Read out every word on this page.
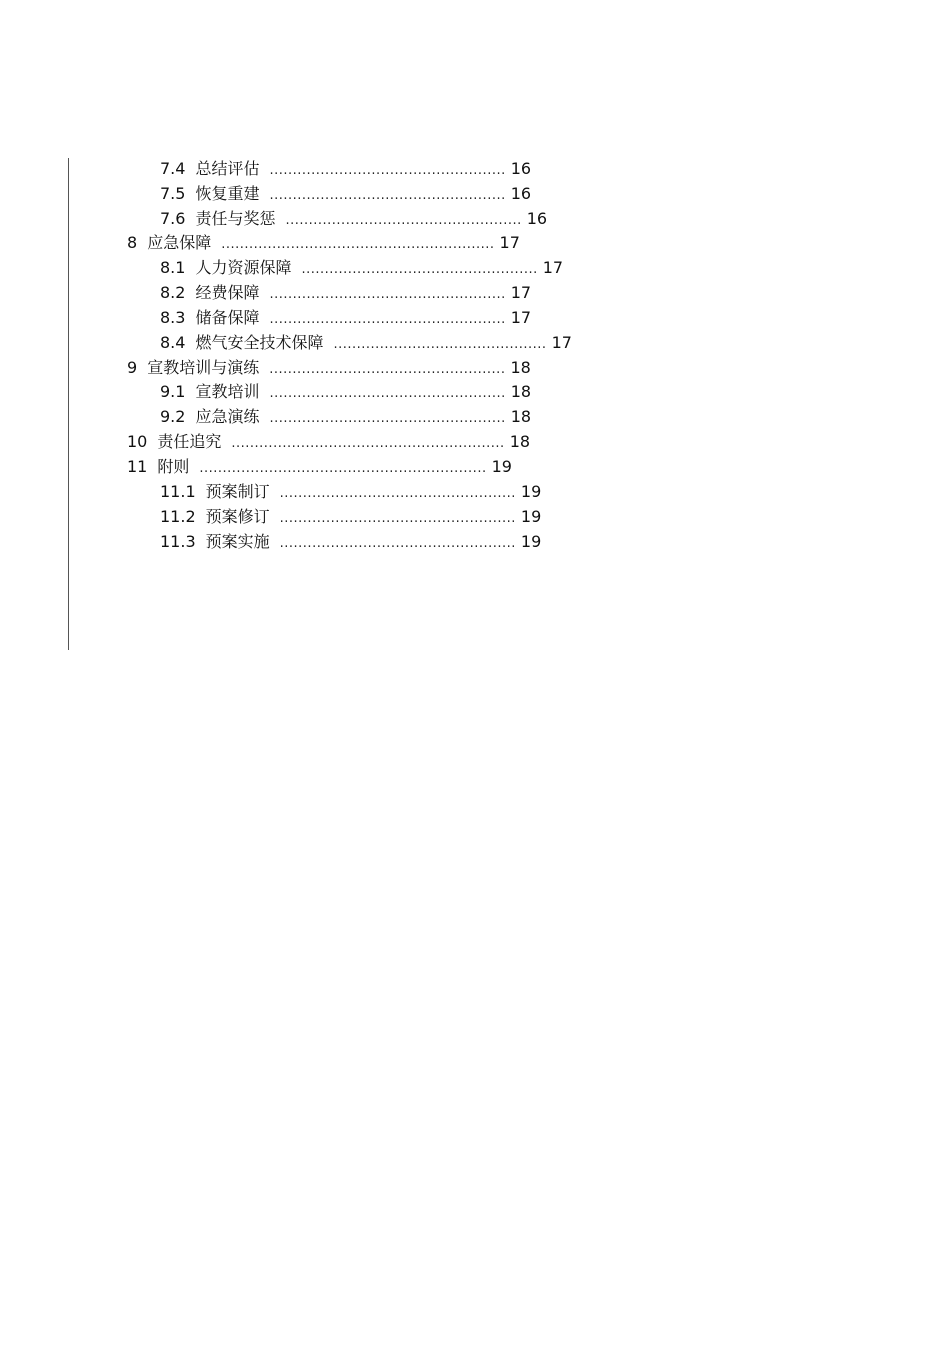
7.4 总结评估 ................................................... 16
7.5 恢复重建 ................................................... 16
7.6 责任与奖惩 ................................................... 16
8 应急保障 ........................................................... 17
8.1 人力资源保障 ................................................... 17
8.2 经费保障 ................................................... 17
8.3 储备保障 ................................................... 17
8.4 燃气安全技术保障 .............................................. 17
9 宣教培训与演练 ................................................... 18
9.1 宣教培训 ................................................... 18
9.2 应急演练 ................................................... 18
10 责任追究 ........................................................... 18
11 附则 .............................................................. 19
11.1 预案制订 ................................................... 19
11.2 预案修订 ................................................... 19
11.3 预案实施 ................................................... 19
